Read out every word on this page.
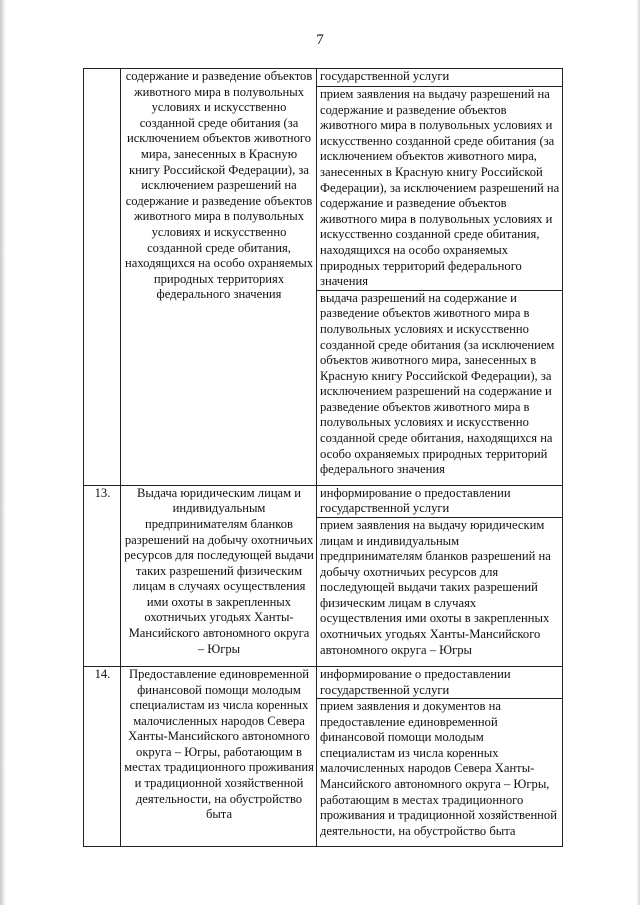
7
	содержание и разведение объектов животного мира в полувольных условиях и искусственно созданной среде обитания (за исключением объектов животного мира, занесенных в Красную книгу Российской Федерации), за исключением разрешений на содержание и разведение объектов животного мира в полувольных условиях и искусственно созданной среде обитания, находящихся на особо охраняемых природных территориях федерального значения	государственной услуги
		прием заявления на выдачу разрешений на содержание и разведение объектов животного мира в полувольных условиях и искусственно созданной среде обитания (за исключением объектов животного мира, занесенных в Красную книгу Российской Федерации), за исключением разрешений на содержание и разведение объектов животного мира в полувольных условиях и искусственно созданной среде обитания, находящихся на особо охраняемых природных территорий федерального значения
		выдача разрешений на содержание и разведение объектов животного мира в полувольных условиях и искусственно созданной среде обитания (за исключением объектов животного мира, занесенных в Красную книгу Российской Федерации), за исключением разрешений на содержание и разведение объектов животного мира в полувольных условиях и искусственно созданной среде обитания, находящихся на особо охраняемых природных территорий федерального значения
13.	Выдача юридическим лицам и индивидуальным предпринимателям бланков разрешений на добычу охотничьих ресурсов для последующей выдачи таких разрешений физическим лицам в случаях осуществления ими охоты в закрепленных охотничьих угодьях Ханты-Мансийского автономного округа – Югры	информирование о предоставлении государственной услуги
		прием заявления на выдачу юридическим лицам и индивидуальным предпринимателям бланков разрешений на добычу охотничьих ресурсов для последующей выдачи таких разрешений физическим лицам в случаях осуществления ими охоты в закрепленных охотничьих угодьях Ханты-Мансийского автономного округа – Югры
14.	Предоставление единовременной финансовой помощи молодым специалистам из числа коренных малочисленных народов Севера Ханты-Мансийского автономного округа – Югры, работающим в местах традиционного проживания и традиционной хозяйственной деятельности, на обустройство быта	информирование о предоставлении государственной услуги
		прием заявления и документов на предоставление единовременной финансовой помощи молодым специалистам из числа коренных малочисленных народов Севера Ханты-Мансийского автономного округа – Югры, работающим в местах традиционного проживания и традиционной хозяйственной деятельности, на обустройство быта
